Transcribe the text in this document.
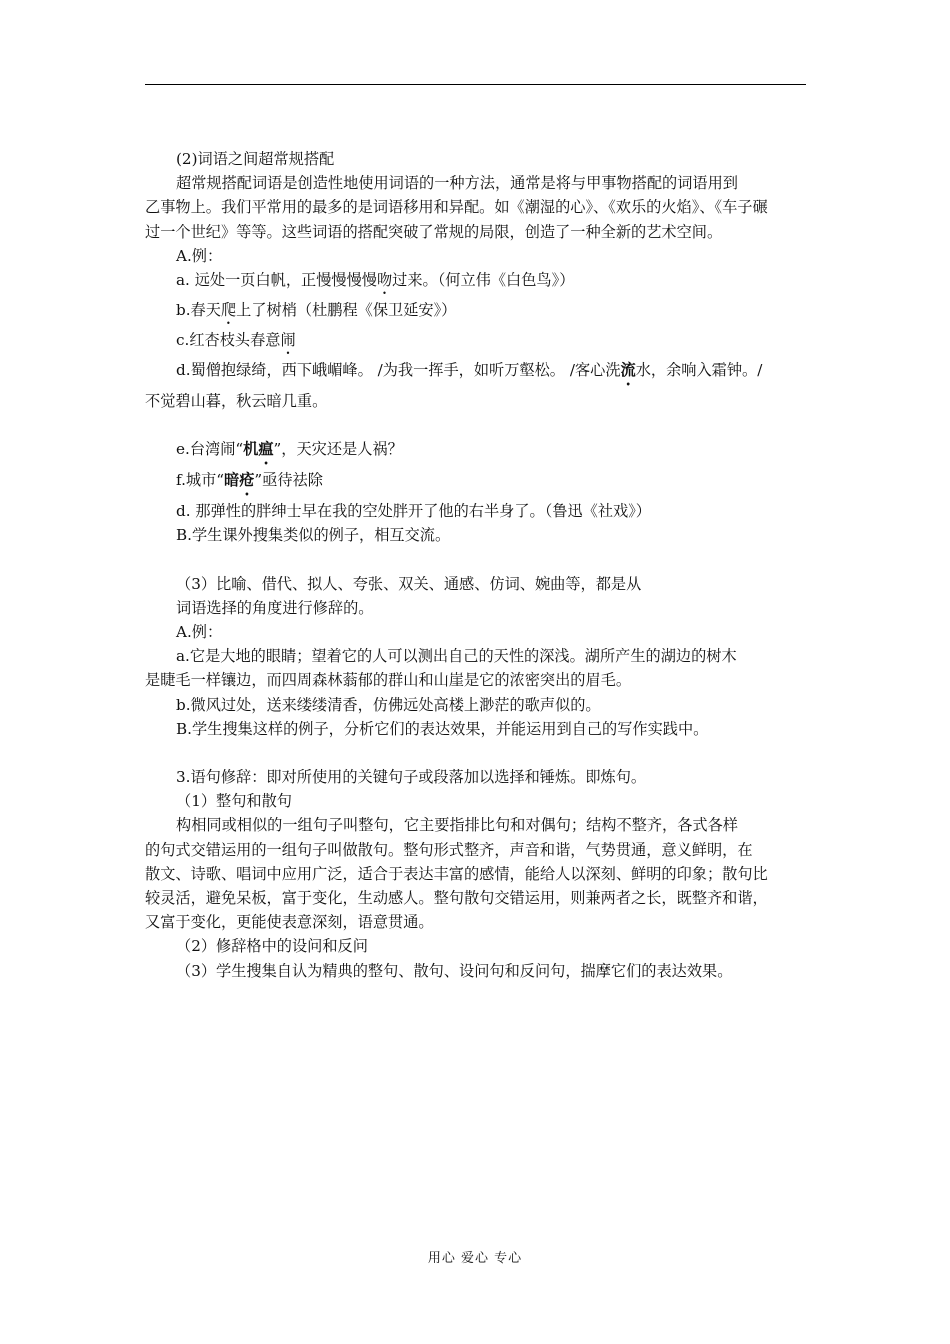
(2)词语之间超常规搭配

超常规搭配词语是创造性地使用词语的一种方法，通常是将与甲事物搭配的词语用到

乙事物上。我们平常用的最多的是词语移用和异配。如《潮湿的心》、《欢乐的火焰》、《车子碾

过一个世纪》等等。这些词语的搭配突破了常规的局限，创造了一种全新的艺术空间。

A.例：

a. 远处一页白帆，正慢慢慢慢吻过来。（何立伟《白色鸟》）

b.春天爬上了树梢（杜鹏程《保卫延安》）

c.红杏枝头春意闹

d.蜀僧抱绿绮，西下峨嵋峰。 /为我一挥手，如听万壑松。 /客心洗流水，余响入霜钟。/

不觉碧山暮，秋云暗几重。

e.台湾闹“机瘟”，天灾还是人祸？

f.城市“暗疮”亟待祛除

d. 那弹性的胖绅士早在我的空处胖开了他的右半身了。（鲁迅《社戏》）

B.学生课外搜集类似的例子，相互交流。

（3）比喻、借代、拟人、夸张、双关、通感、仿词、婉曲等，都是从

词语选择的角度进行修辞的。

A.例：

a.它是大地的眼睛；望着它的人可以测出自己的天性的深浅。湖所产生的湖边的树木

是睫毛一样镶边，而四周森林蓊郁的群山和山崖是它的浓密突出的眉毛。

b.微风过处，送来缕缕清香，仿佛远处高楼上渺茫的歌声似的。

B.学生搜集这样的例子，分析它们的表达效果，并能运用到自己的写作实践中。

3.语句修辞：即对所使用的关键句子或段落加以选择和锤炼。即炼句。

（1）整句和散句

构相同或相似的一组句子叫整句，它主要指排比句和对偶句；结构不整齐，各式各样

的句式交错运用的一组句子叫做散句。整句形式整齐，声音和谐，气势贯通，意义鲜明，在

散文、诗歌、唱词中应用广泛，适合于表达丰富的感情，能给人以深刻、鲜明的印象；散句比

较灵活，避免呆板，富于变化，生动感人。整句散句交错运用，则兼两者之长，既整齐和谐，

又富于变化，更能使表意深刻，语意贯通。

（2）修辞格中的设问和反问

（3）学生搜集自认为精典的整句、散句、设问句和反问句，揣摩它们的表达效果。

用心 爱心 专心
